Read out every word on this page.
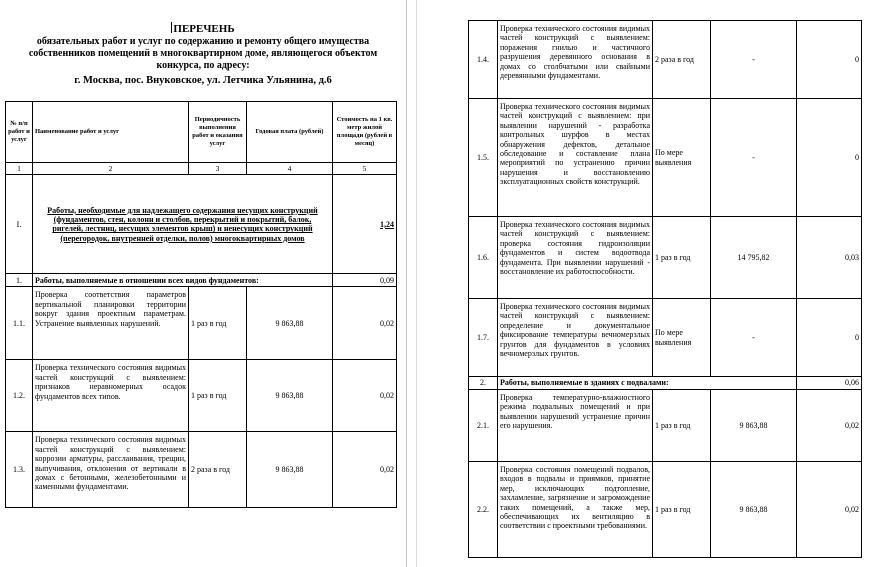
ПЕРЕЧЕНЬ
обязательных работ и услуг по содержанию и ремонту общего имущества
собственников помещений в многоквартирном доме, являющегося объектом
конкурса, по адресу:
г. Москва, пос. Внуковское, ул. Летчика Ульянина, д.6
№ п/п работ и услуг	Наименование работ и услуг	Периодичность выполнения работ и оказания услуг	Годовая плата (рублей)	Стоимость на 1 кв. метр жилой площади (рублей в месяц)
1	2	3	4	5
I.	Работы, необходимые для надлежащего содержания несущих конструкций (фундаментов, стен, колонн и столбов, перекрытий и покрытий, балок, ригелей, лестниц, несущих элементов крыш) и ненесущих конструкций (перегородок, внутренней отделки, полов) многоквартирных домов			1,24
1.	Работы, выполняемые в отношении всех видов фундаментов:			0,09
1.1.	Проверка соответствия параметров вертикальной планировки территории вокруг здания проектным параметрам. Устранение выявленных нарушений.	1 раз в год	9 863,88	0,02
1.2.	Проверка технического состояния видимых частей конструкций с выявлением: признаков неравномерных осадок фундаментов всех типов.	1 раз в год	9 863,88	0,02
1.3.	Проверка технического состояния видимых частей конструкций с выявлением: коррозии арматуры, расслаивания, трещин, выпучивания, отклонения от вертикали в домах с бетонными, железобетонными и каменными фундаментами.	2 раза в год	9 863,88	0,02
1.4.	Проверка технического состояния видимых частей конструкций с выявлением: поражения гнилью и частичного разрушения деревянного основания в домах со столбчатыми или свайными деревянными фундаментами.	2 раза в год	-	0
1.5.	Проверка технического состояния видимых частей конструкций с выявлением: при выявлении нарушений - разработка контрольных шурфов в местах обнаружения дефектов, детальное обследование и составление плана мероприятий по устранению причин нарушения и восстановлению эксплуатационных свойств конструкций.	По мере выявления	-	0
1.6.	Проверка технического состояния видимых частей конструкций с выявлением: проверка состояния гидроизоляции фундаментов и систем водоотвода фундамента. При выявлении нарушений - восстановление их работоспособности.	1 раз в год	14 795,82	0,03
1.7.	Проверка технического состояния видимых частей конструкций с выявлением: определение и документальное фиксирование температуры вечномерзлых грунтов для фундаментов в условиях вечномерзлых грунтов.	По мере выявления	-	0
2.	Работы, выполняемые в зданиях с подвалами:			0,06
2.1.	Проверка температурно-влажностного режима подвальных помещений и при выявлении нарушений устранение причин его нарушения.	1 раз в год	9 863,88	0,02
2.2.	Проверка состояния помещений подвалов, входов в подвалы и приямков, принятие мер, исключающих подтопление, захламление, загрязнение и загромождение таких помещений, а также мер, обеспечивающих их вентиляцию в соответствии с проектными требованиями.	1 раз в год	9 863,88	0,02
